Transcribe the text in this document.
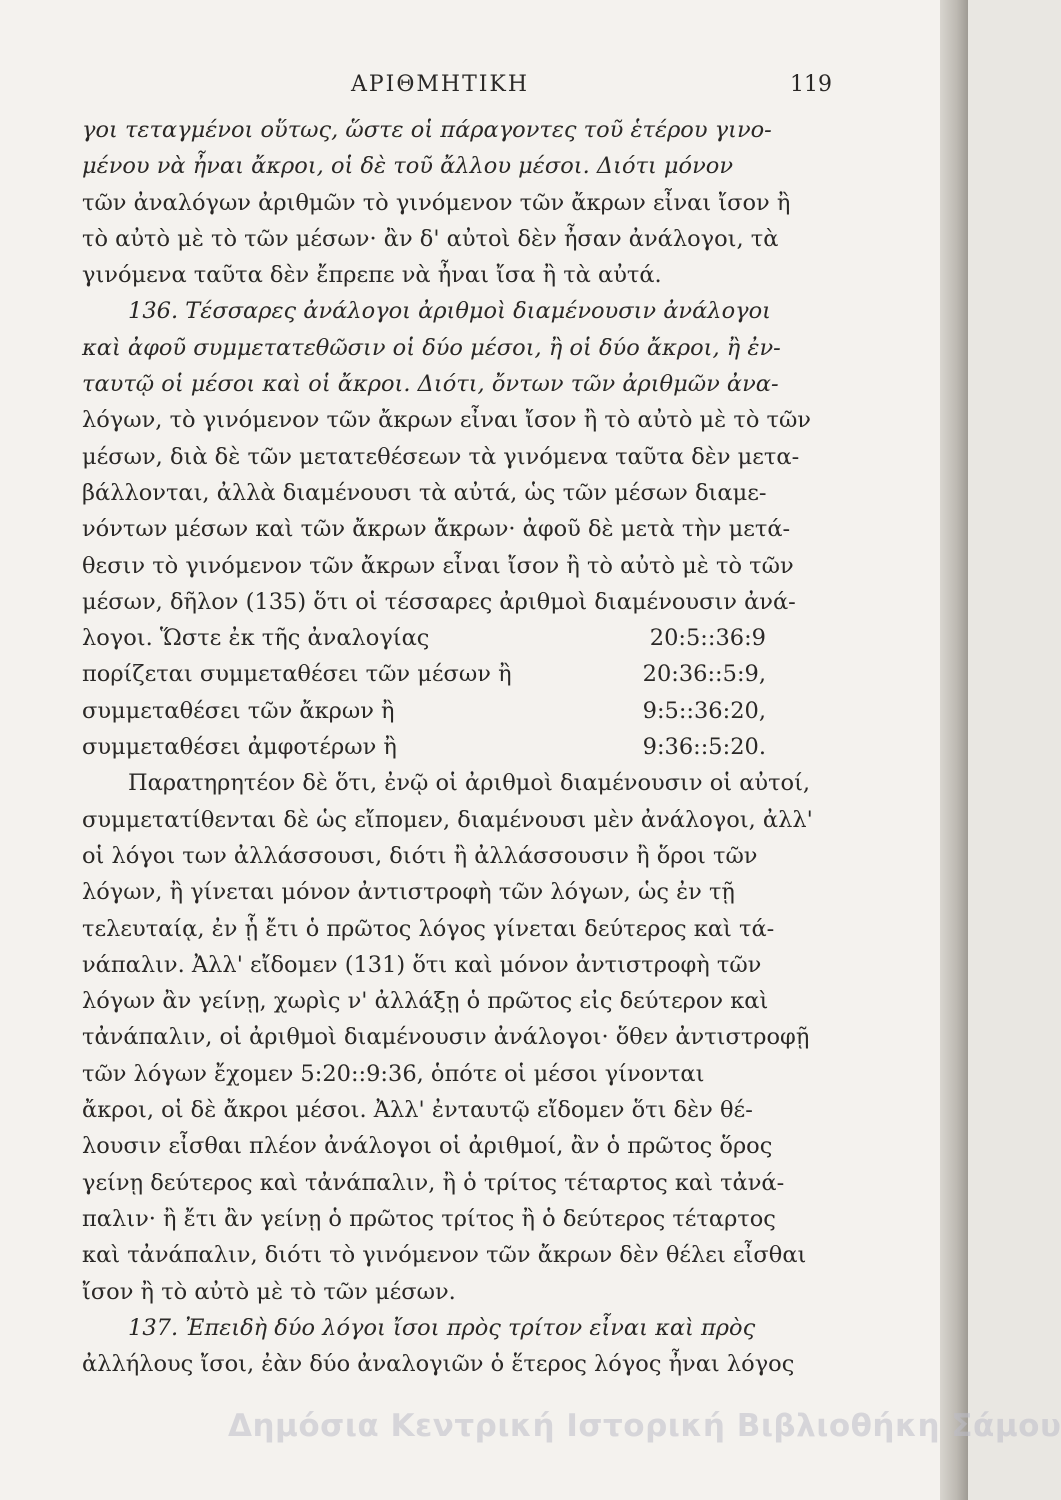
ΑΡΙΘΜΗΤΙΚΗ	119
γοι τεταγμένοι οὕτως, ὥστε οἱ πάραγοντες τοῦ ἑτέρου γινο-
μένου νὰ ἦναι ἄκροι, οἱ δὲ τοῦ ἄλλου μέσοι. Διότι μόνον
τῶν ἀναλόγων ἀριθμῶν τὸ γινόμενον τῶν ἄκρων εἶναι ἴσον ἢ
τὸ αὐτὸ μὲ τὸ τῶν μέσων· ἂν δ' αὐτοὶ δὲν ἦσαν ἀνάλογοι, τὰ
γινόμενα ταῦτα δὲν ἔπρεπε νὰ ἦναι ἴσα ἢ τὰ αὐτά.
136. Τέσσαρες ἀνάλογοι ἀριθμοὶ διαμένουσιν ἀνάλογοι
καὶ ἀφοῦ συμμετατεθῶσιν οἱ δύο μέσοι, ἢ οἱ δύο ἄκροι, ἢ ἐν-
ταυτῷ οἱ μέσοι καὶ οἱ ἄκροι. Διότι, ὄντων τῶν ἀριθμῶν ἀνα-
λόγων, τὸ γινόμενον τῶν ἄκρων εἶναι ἴσον ἢ τὸ αὐτὸ μὲ τὸ τῶν
μέσων, διὰ δὲ τῶν μετατεθέσεων τὰ γινόμενα ταῦτα δὲν μετα-
βάλλονται, ἀλλὰ διαμένουσι τὰ αὐτά, ὡς τῶν μέσων διαμε-
νόντων μέσων καὶ τῶν ἄκρων ἄκρων· ἀφοῦ δὲ μετὰ τὴν μετά-
θεσιν τὸ γινόμενον τῶν ἄκρων εἶναι ἴσον ἢ τὸ αὐτὸ μὲ τὸ τῶν
μέσων, δῆλον (135) ὅτι οἱ τέσσαρες ἀριθμοὶ διαμένουσιν ἀνά-
20:5::36:9
λογοι. Ὥστε ἐκ τῆς ἀναλογίας
20:36::5:9,
πορίζεται συμμεταθέσει τῶν μέσων ἢ
9:5::36:20,
συμμεταθέσει τῶν ἄκρων ἢ
9:36::5:20.
συμμεταθέσει ἀμφοτέρων ἢ
Παρατηρητέον δὲ ὅτι, ἐνῷ οἱ ἀριθμοὶ διαμένουσιν οἱ αὐτοί,
συμμετατίθενται δὲ ὡς εἴπομεν, διαμένουσι μὲν ἀνάλογοι, ἀλλ'
οἱ λόγοι των ἀλλάσσουσι, διότι ἢ ἀλλάσσουσιν ἢ ὅροι τῶν
λόγων, ἢ γίνεται μόνον ἀντιστροφὴ τῶν λόγων, ὡς ἐν τῇ
τελευταίᾳ, ἐν ᾗ ἔτι ὁ πρῶτος λόγος γίνεται δεύτερος καὶ τά-
νάπαλιν. Ἀλλ' εἴδομεν (131) ὅτι καὶ μόνον ἀντιστροφὴ τῶν
λόγων ἂν γείνῃ, χωρὶς ν' ἀλλάξῃ ὁ πρῶτος εἰς δεύτερον καὶ
τἀνάπαλιν, οἱ ἀριθμοὶ διαμένουσιν ἀνάλογοι· ὅθεν ἀντιστροφῇ
τῶν λόγων ἔχομεν 5:20::9:36, ὁπότε οἱ μέσοι γίνονται
ἄκροι, οἱ δὲ ἄκροι μέσοι. Ἀλλ' ἐνταυτῷ εἴδομεν ὅτι δὲν θέ-
λουσιν εἶσθαι πλέον ἀνάλογοι οἱ ἀριθμοί, ἂν ὁ πρῶτος ὅρος
γείνῃ δεύτερος καὶ τἀνάπαλιν, ἢ ὁ τρίτος τέταρτος καὶ τἀνά-
παλιν· ἢ ἔτι ἂν γείνῃ ὁ πρῶτος τρίτος ἢ ὁ δεύτερος τέταρτος
καὶ τἀνάπαλιν, διότι τὸ γινόμενον τῶν ἄκρων δὲν θέλει εἶσθαι
ἴσον ἢ τὸ αὐτὸ μὲ τὸ τῶν μέσων.
137. Ἐπειδὴ δύο λόγοι ἴσοι πρὸς τρίτον εἶναι καὶ πρὸς
ἀλλήλους ἴσοι, ἐὰν δύο ἀναλογιῶν ὁ ἕτερος λόγος ἦναι λόγος
Δημόσια Κεντρική Ιστορική Βιβλιοθήκη Σάμου
